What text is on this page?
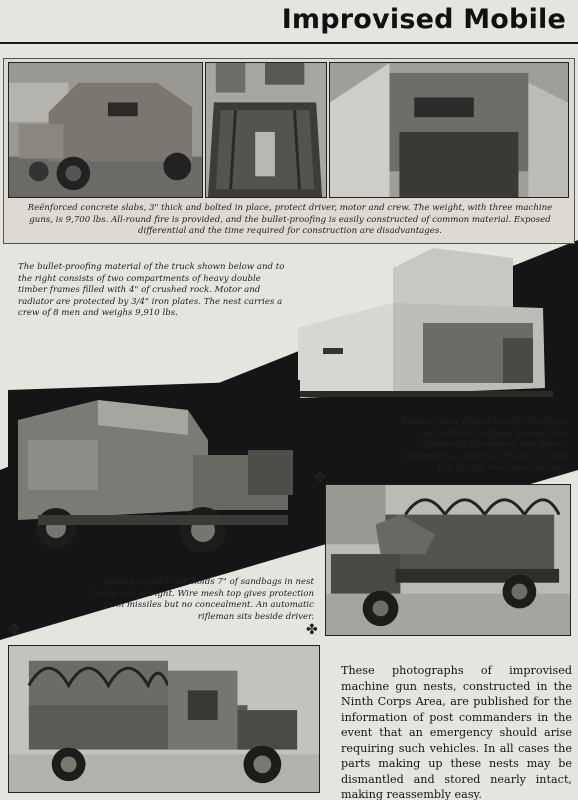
Improvised Mobile
Reënforced concrete slabs, 3" thick and bolted in place, protect driver, motor and crew. The weight, with three machine guns, is 9,700 lbs. All-round fire is provided, and the bullet-proofing is easily constructed of common material. Exposed differential and the time required for construction are disadvantages.
The bullet-proofing material of the truck shown below and to the right consists of two compartments of heavy double timber frames filled with 4" of crushed rock. Motor and radiator are protected by 3/4" iron plates. The nest carries a crew of 8 men and weighs 9,910 lbs.
Another view of nest at left. There are no facilities for firing upward, the differential is exposed, and time is required to construct. There is 3-way fire for the rear machine gun.
Boxing inside truck holds 7" of sandbags in nest below and at right. Wire mesh top gives protection from missiles but no concealment. An automatic rifleman sits beside driver.
✤	✤
✤
These photographs of improvised machine gun nests, constructed in the Ninth Corps Area, are published for the information of post commanders in the event that an emergency should arise requiring such vehicles. In all cases the parts making up these nests may be dismantled and stored nearly intact, making reassembly easy.
